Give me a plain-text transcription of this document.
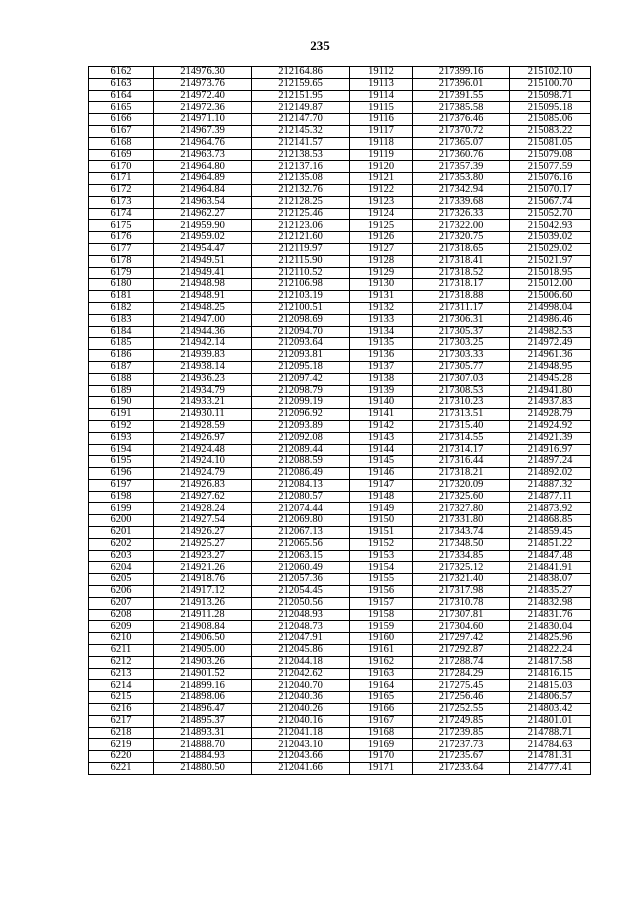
235
6162	214976.30	212164.86	19112	217399.16	215102.10
6163	214973.76	212159.65	19113	217396.01	215100.70
6164	214972.40	212151.95	19114	217391.55	215098.71
6165	214972.36	212149.87	19115	217385.58	215095.18
6166	214971.10	212147.70	19116	217376.46	215085.06
6167	214967.39	212145.32	19117	217370.72	215083.22
6168	214964.76	212141.57	19118	217365.07	215081.05
6169	214963.73	212138.53	19119	217360.76	215079.08
6170	214964.80	212137.16	19120	217357.39	215077.59
6171	214964.89	212135.08	19121	217353.80	215076.16
6172	214964.84	212132.76	19122	217342.94	215070.17
6173	214963.54	212128.25	19123	217339.68	215067.74
6174	214962.27	212125.46	19124	217326.33	215052.70
6175	214959.90	212123.06	19125	217322.00	215042.93
6176	214959.02	212121.60	19126	217320.75	215039.02
6177	214954.47	212119.97	19127	217318.65	215029.02
6178	214949.51	212115.90	19128	217318.41	215021.97
6179	214949.41	212110.52	19129	217318.52	215018.95
6180	214948.98	212106.98	19130	217318.17	215012.00
6181	214948.91	212103.19	19131	217318.88	215006.60
6182	214948.25	212100.51	19132	217311.17	214998.04
6183	214947.00	212098.69	19133	217306.31	214986.46
6184	214944.36	212094.70	19134	217305.37	214982.53
6185	214942.14	212093.64	19135	217303.25	214972.49
6186	214939.83	212093.81	19136	217303.33	214961.36
6187	214938.14	212095.18	19137	217305.77	214948.95
6188	214936.23	212097.42	19138	217307.03	214945.28
6189	214934.79	212098.79	19139	217308.53	214941.80
6190	214933.21	212099.19	19140	217310.23	214937.83
6191	214930.11	212096.92	19141	217313.51	214928.79
6192	214928.59	212093.89	19142	217315.40	214924.92
6193	214926.97	212092.08	19143	217314.55	214921.39
6194	214924.48	212089.44	19144	217314.17	214916.97
6195	214924.10	212088.59	19145	217316.44	214897.24
6196	214924.79	212086.49	19146	217318.21	214892.02
6197	214926.83	212084.13	19147	217320.09	214887.32
6198	214927.62	212080.57	19148	217325.60	214877.11
6199	214928.24	212074.44	19149	217327.80	214873.92
6200	214927.54	212069.80	19150	217331.80	214868.85
6201	214926.27	212067.13	19151	217343.74	214859.45
6202	214925.27	212065.56	19152	217348.50	214851.22
6203	214923.27	212063.15	19153	217334.85	214847.48
6204	214921.26	212060.49	19154	217325.12	214841.91
6205	214918.76	212057.36	19155	217321.40	214838.07
6206	214917.12	212054.45	19156	217317.98	214835.27
6207	214913.26	212050.56	19157	217310.78	214832.98
6208	214911.28	212048.93	19158	217307.81	214831.76
6209	214908.84	212048.73	19159	217304.60	214830.04
6210	214906.50	212047.91	19160	217297.42	214825.96
6211	214905.00	212045.86	19161	217292.87	214822.24
6212	214903.26	212044.18	19162	217288.74	214817.58
6213	214901.52	212042.62	19163	217284.29	214816.15
6214	214899.16	212040.70	19164	217275.45	214815.03
6215	214898.06	212040.36	19165	217256.46	214806.57
6216	214896.47	212040.26	19166	217252.55	214803.42
6217	214895.37	212040.16	19167	217249.85	214801.01
6218	214893.31	212041.18	19168	217239.85	214788.71
6219	214888.70	212043.10	19169	217237.73	214784.63
6220	214884.93	212043.66	19170	217235.67	214781.31
6221	214880.50	212041.66	19171	217233.64	214777.41
